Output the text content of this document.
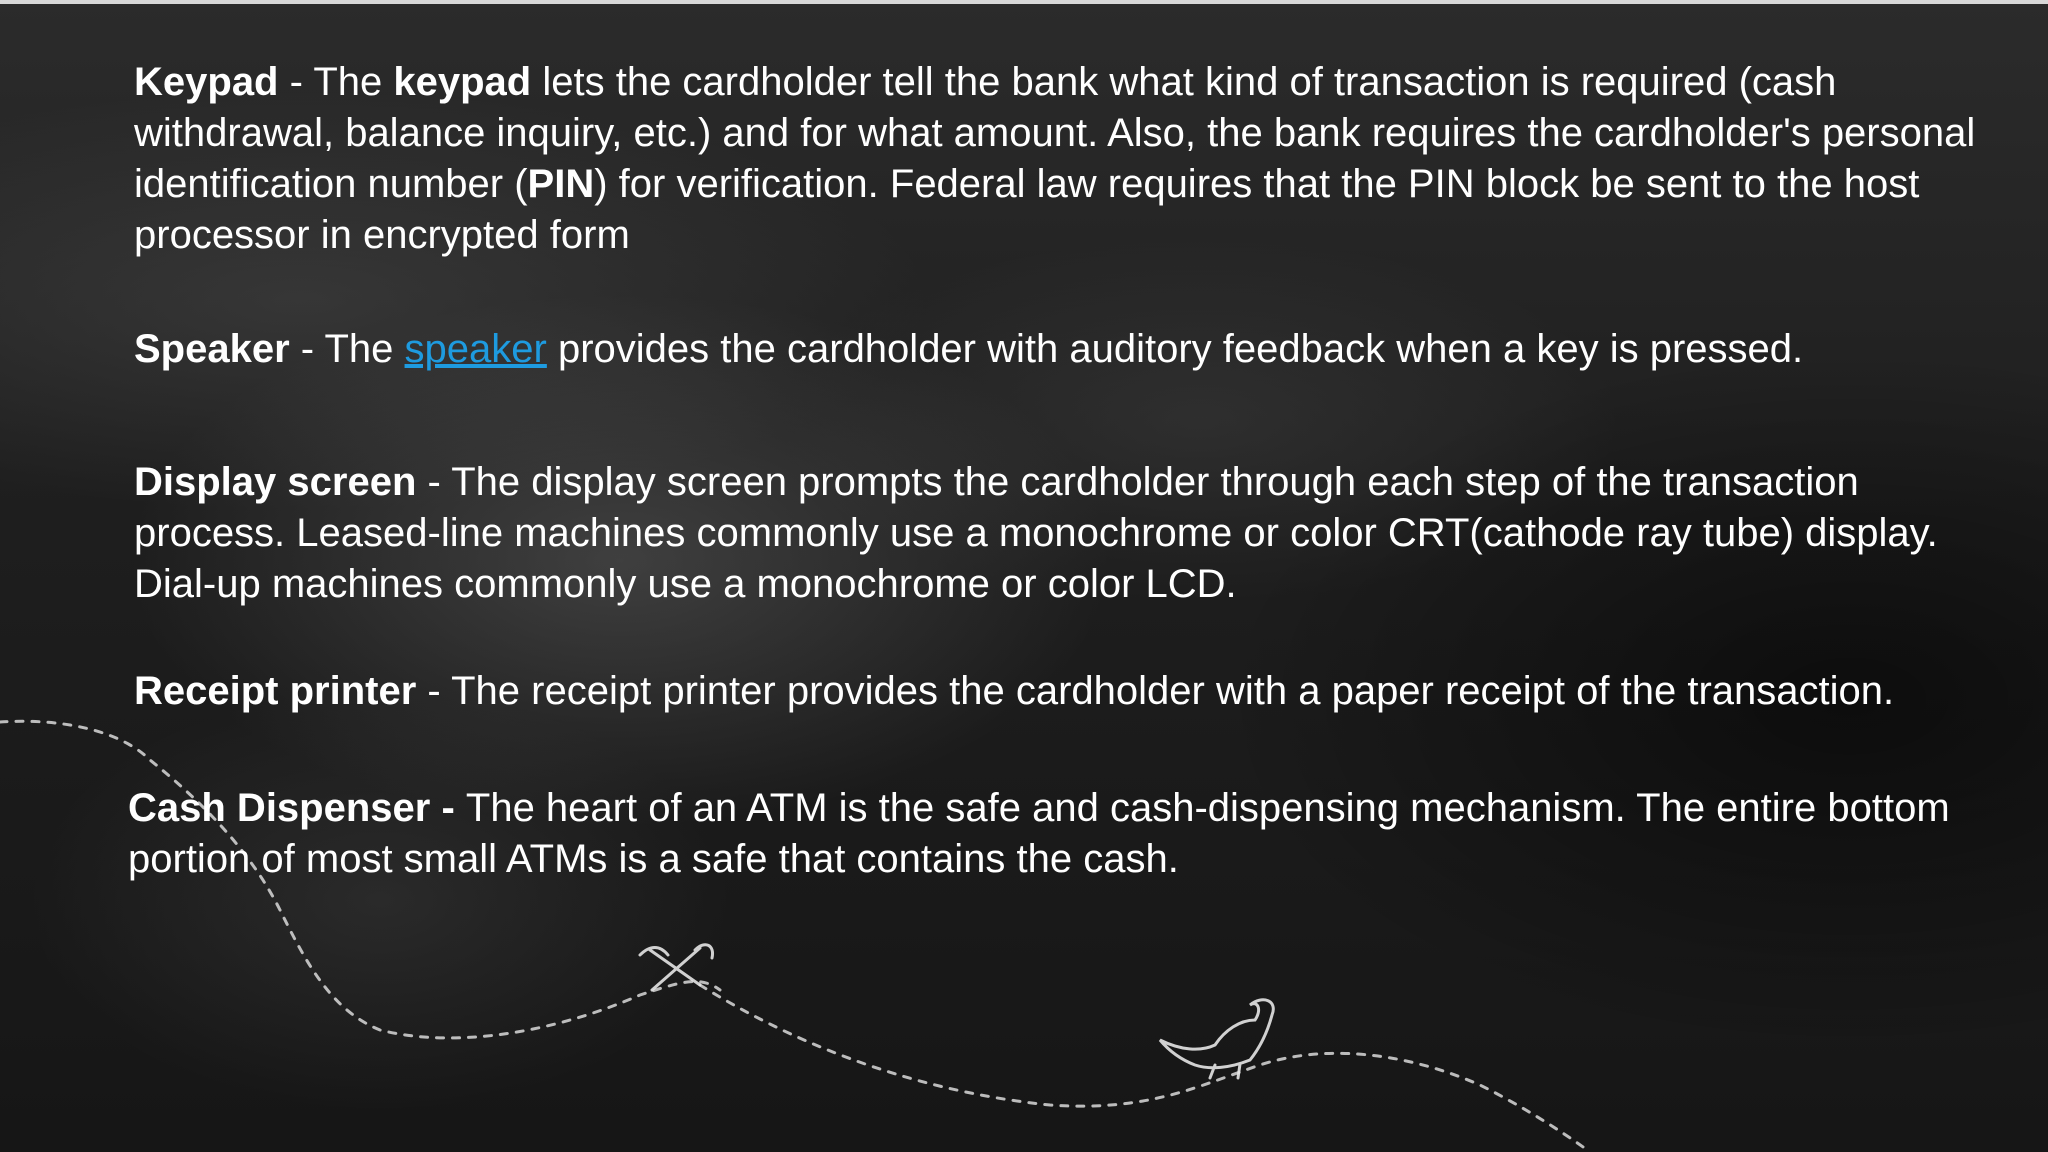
Keypad - The keypad lets the cardholder tell the bank what kind of transaction is required (cash withdrawal, balance inquiry, etc.) and for what amount. Also, the bank requires the cardholder's personal identification number (PIN) for verification. Federal law requires that the PIN block be sent to the host processor in encrypted form

Speaker - The speaker provides the cardholder with auditory feedback when a key is pressed.

Display screen - The display screen prompts the cardholder through each step of the transaction process. Leased-line machines commonly use a monochrome or color CRT(cathode ray tube) display. Dial-up machines commonly use a monochrome or color LCD.

Receipt printer - The receipt printer provides the cardholder with a paper receipt of the transaction.

Cash Dispenser - The heart of an ATM is the safe and cash-dispensing mechanism. The entire bottom portion of most small ATMs is a safe that contains the cash.
